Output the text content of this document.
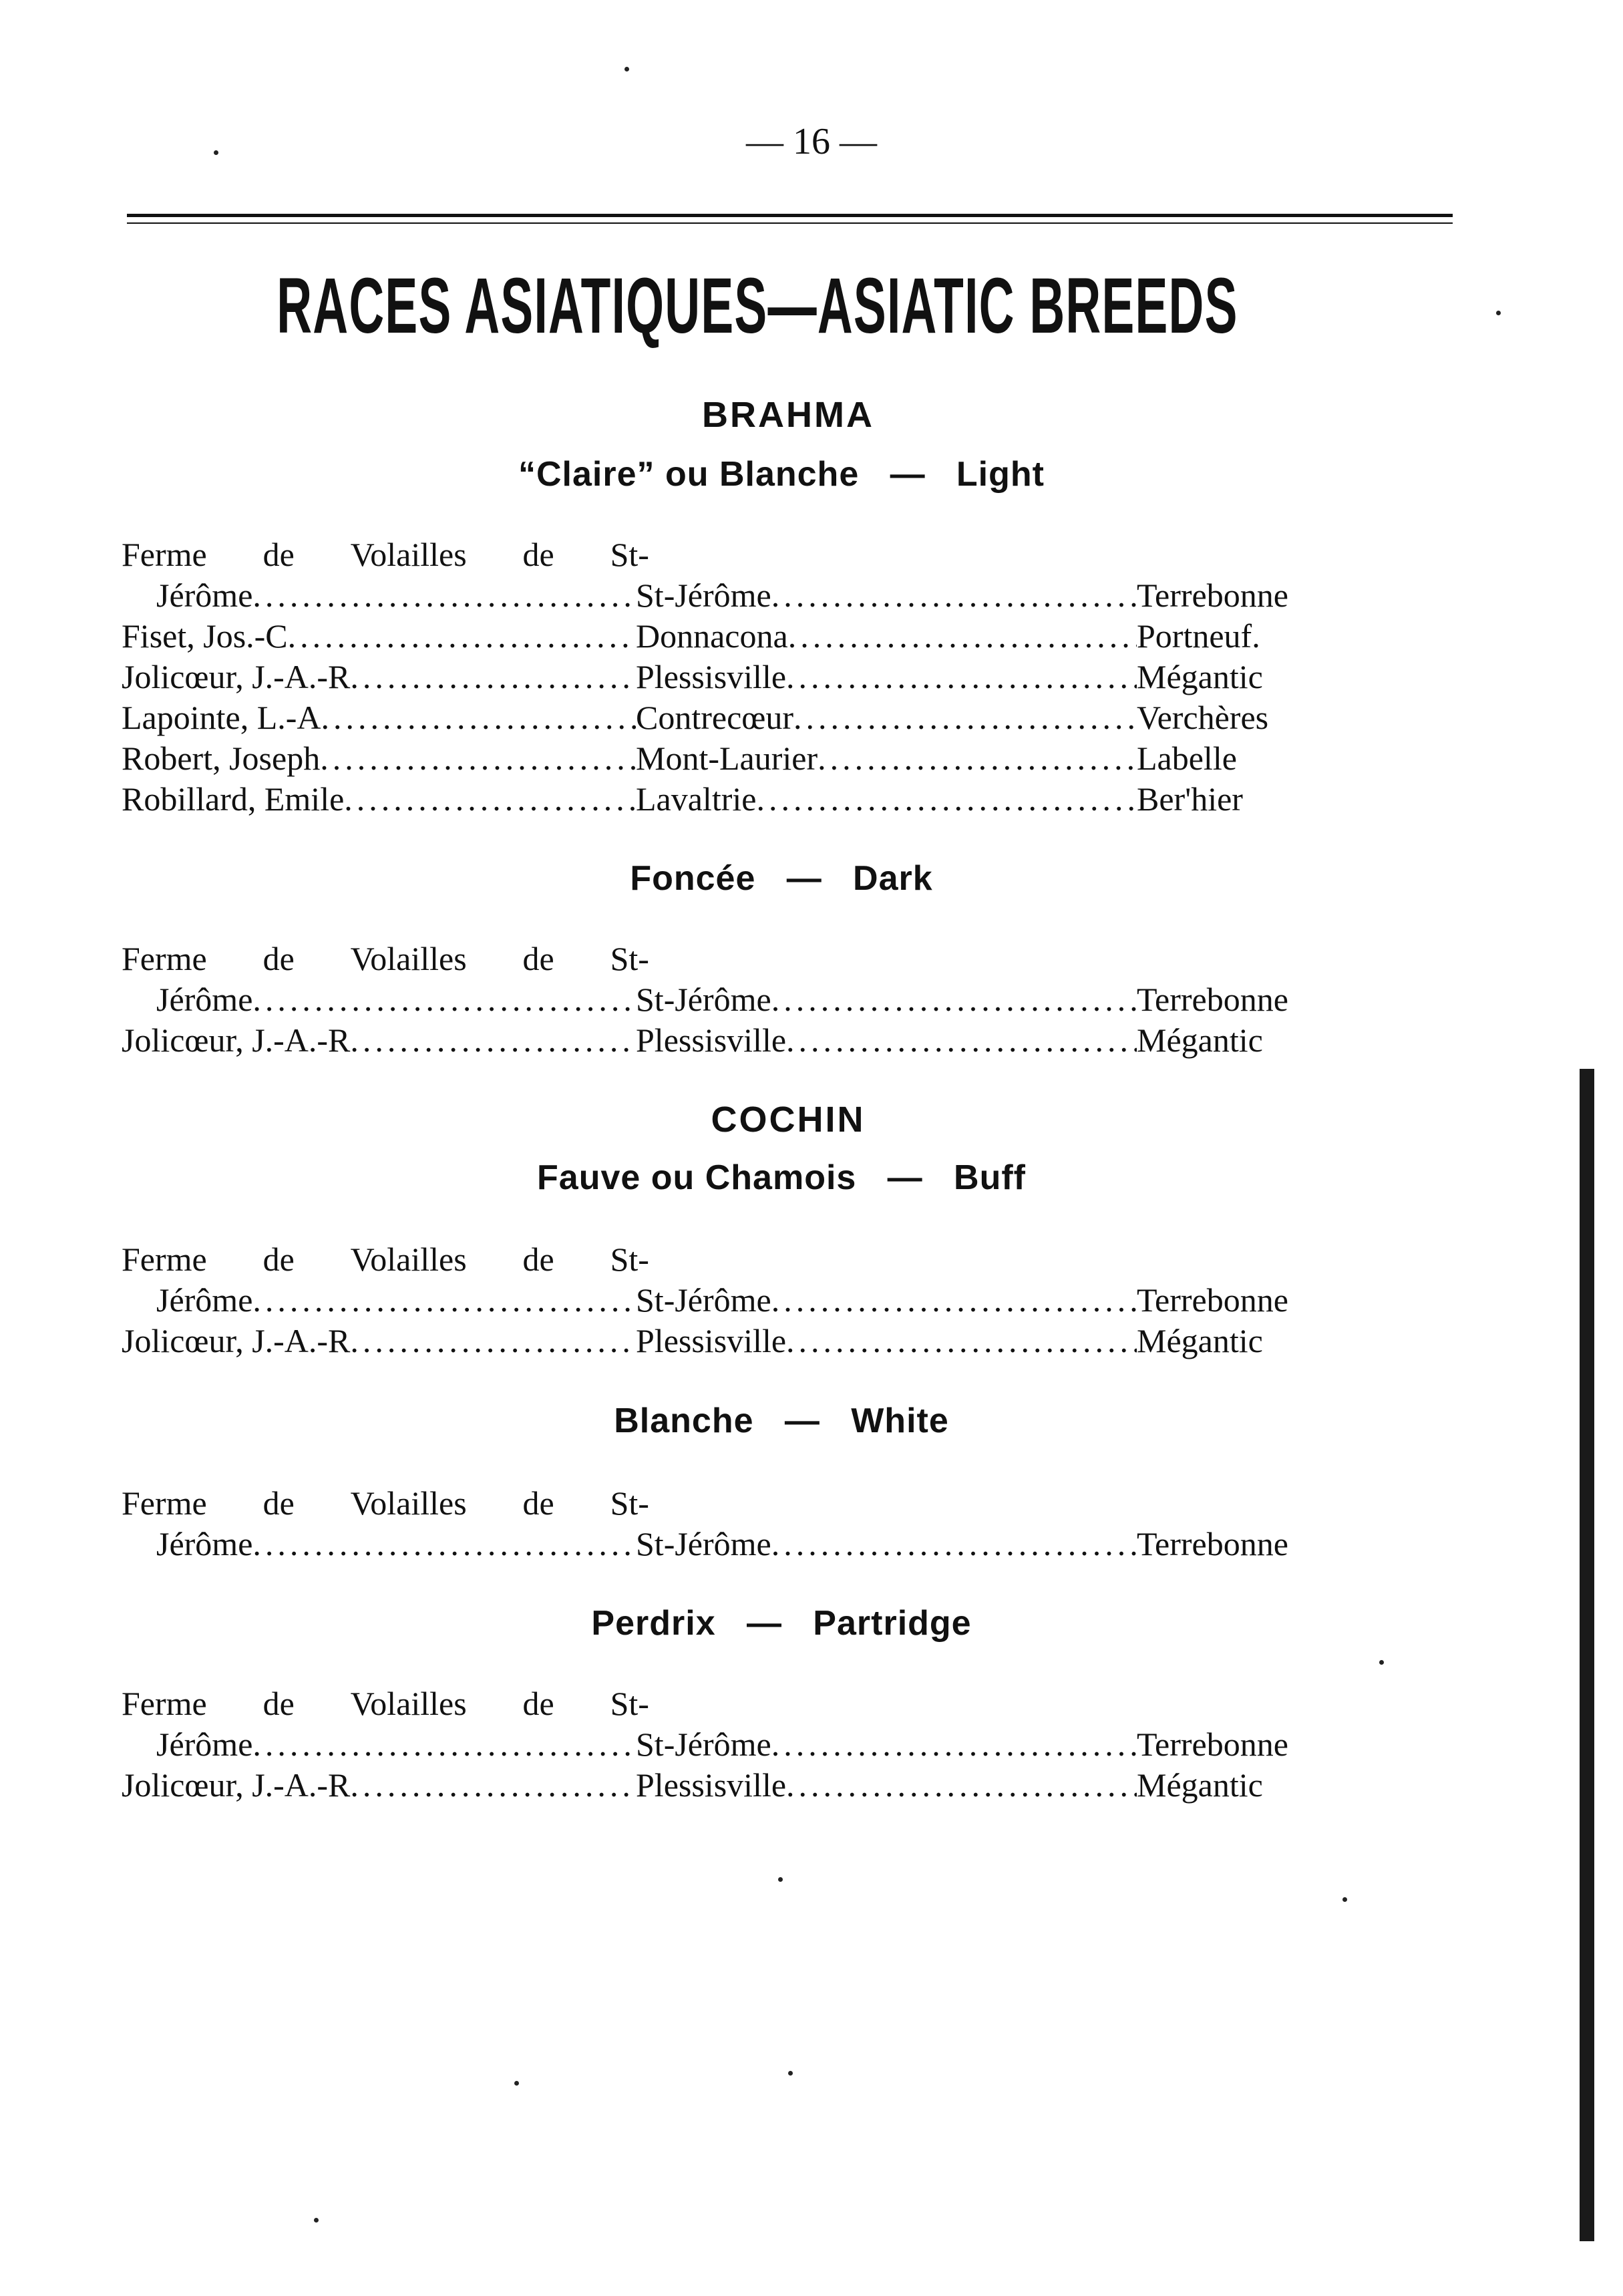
— 16 —
RACES ASIATIQUES—ASIATIC BREEDS
BRAHMA
“Claire” ou Blanche   —   Light
Ferme de Volailles de St-
Jérôme .....	St-Jérôme .....	Terrebonne
Fiset, Jos.-C .....	Donnacona .....	Portneuf.
Jolicœur, J.-A.-R .....	Plessisville .....	Mégantic
Lapointe, L.-A .....	Contrecœur .....	Verchères
Robert, Joseph .....	Mont-Laurier .....	Labelle
Robillard, Emile .....	Lavaltrie .....	Ber'hier
Foncée   —   Dark
Ferme de Volailles de St-
Jérôme .....	St-Jérôme .....	Terrebonne
Jolicœur, J.-A.-R .....	Plessisville .....	Mégantic
COCHIN
Fauve ou Chamois   —   Buff
Ferme de Volailles de St-
Jérôme .....	St-Jérôme .....	Terrebonne
Jolicœur, J.-A.-R .....	Plessisville .....	Mégantic
Blanche   —   White
Ferme de Volailles de St-
Jérôme .....	St-Jérôme .....	Terrebonne
Perdrix   —   Partridge
Ferme de Volailles de St-
Jérôme .....	St-Jérôme .....	Terrebonne
Jolicœur, J.-A.-R .....	Plessisville .....	Mégantic
